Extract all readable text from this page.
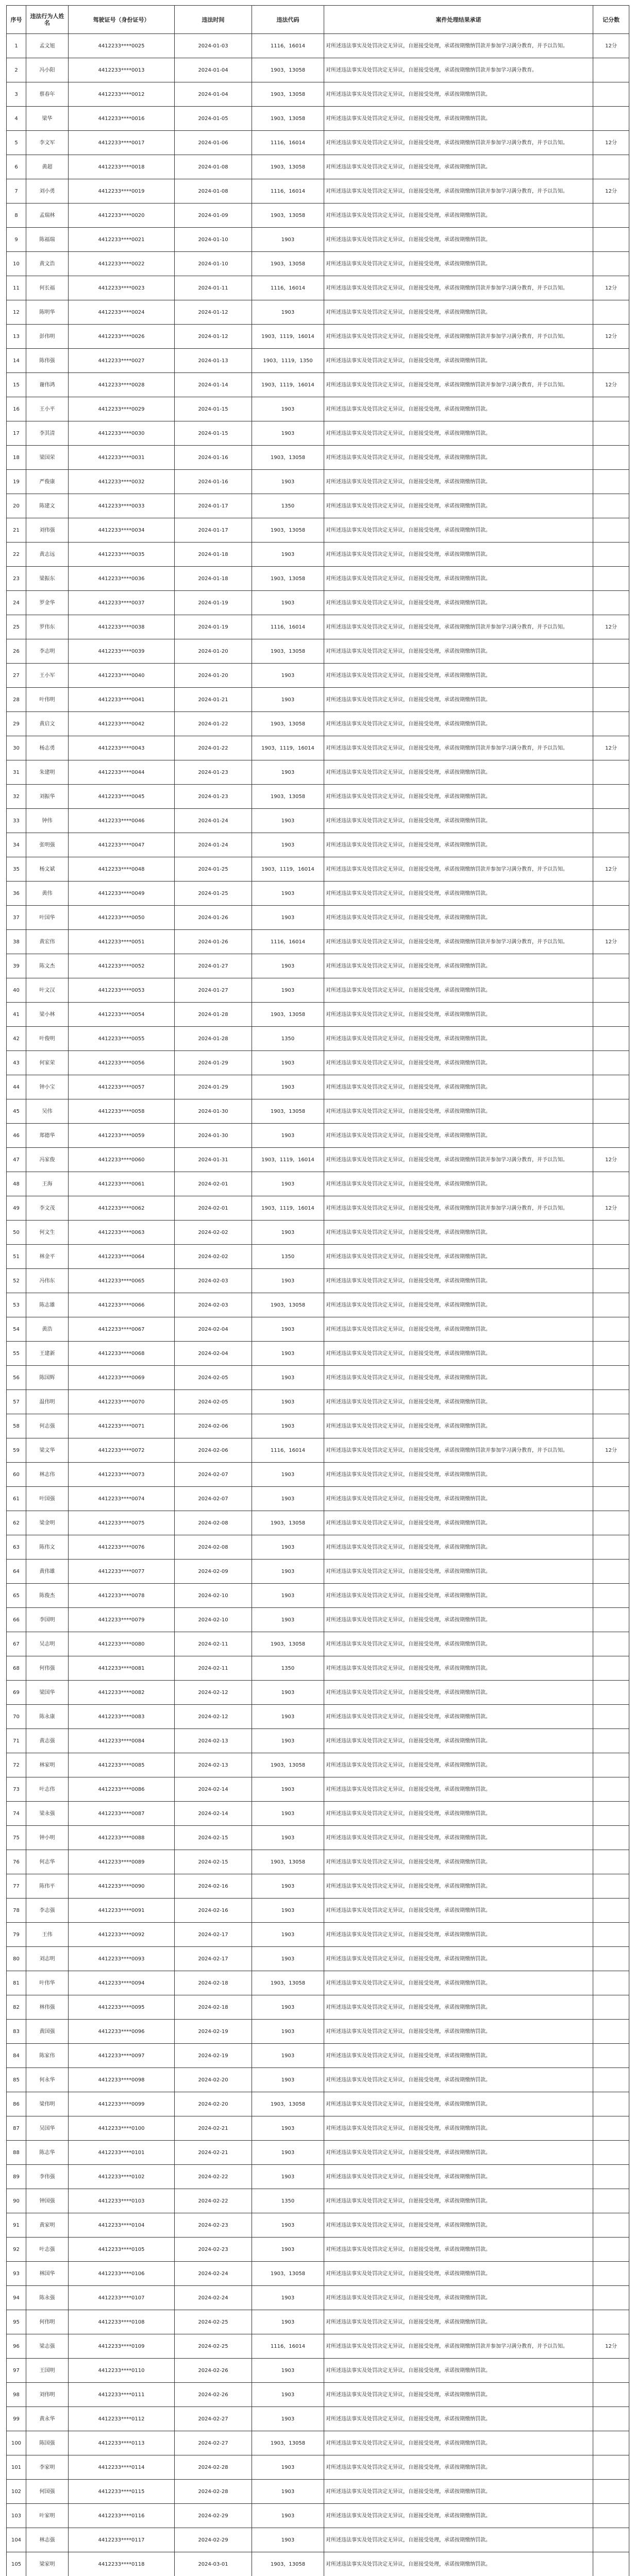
序号	违法行为人姓名	驾驶证号（身份证号）	违法时间	违法代码	案件处理结果承诺	记分数
1	孟文旭	4412233****0025	2024-01-03	1116，16014	对所述违法事实及处罚决定无异议，自愿接受处理，承诺按期缴纳罚款并参加学习满分教育，并予以告知。	12分
2	冯小阳	4412233****0013	2024-01-04	1903，13058	对所述违法事实及处罚决定无异议，自愿接受处理，承诺按期缴纳罚款并参加学习满分教育。	
3	蔡春年	4412233****0012	2024-01-04	1903，13058	对所述违法事实及处罚决定无异议，自愿接受处理，承诺按期缴纳罚款。	
4	梁华	4412233****0016	2024-01-05	1903，13058	对所述违法事实及处罚决定无异议，自愿接受处理，承诺按期缴纳罚款。	
5	李文军	4412233****0017	2024-01-06	1116，16014	对所述违法事实及处罚决定无异议，自愿接受处理，承诺按期缴纳罚款并参加学习满分教育，并予以告知。	12分
6	黄超	4412233****0018	2024-01-08	1903，13058	对所述违法事实及处罚决定无异议，自愿接受处理，承诺按期缴纳罚款。	
7	刘小勇	4412233****0019	2024-01-08	1116，16014	对所述违法事实及处罚决定无异议，自愿接受处理，承诺按期缴纳罚款并参加学习满分教育，并予以告知。	12分
8	孟瑞林	4412233****0020	2024-01-09	1903，13058	对所述违法事实及处罚决定无异议，自愿接受处理，承诺按期缴纳罚款。	
9	陈福瑞	4412233****0021	2024-01-10	1903	对所述违法事实及处罚决定无异议，自愿接受处理，承诺按期缴纳罚款。	
10	黄文浩	4412233****0022	2024-01-10	1903，13058	对所述违法事实及处罚决定无异议，自愿接受处理，承诺按期缴纳罚款。	
11	何长福	4412233****0023	2024-01-11	1116，16014	对所述违法事实及处罚决定无异议，自愿接受处理，承诺按期缴纳罚款并参加学习满分教育，并予以告知。	12分
12	陈明华	4412233****0024	2024-01-12	1903	对所述违法事实及处罚决定无异议，自愿接受处理，承诺按期缴纳罚款。	
13	彭伟明	4412233****0026	2024-01-12	1903，1119，16014	对所述违法事实及处罚决定无异议，自愿接受处理，承诺按期缴纳罚款并参加学习满分教育，并予以告知。	12分
14	陈伟强	4412233****0027	2024-01-13	1903，1119，1350	对所述违法事实及处罚决定无异议，自愿接受处理，承诺按期缴纳罚款。	
15	谢伟鸿	4412233****0028	2024-01-14	1903，1119，16014	对所述违法事实及处罚决定无异议，自愿接受处理，承诺按期缴纳罚款并参加学习满分教育，并予以告知。	12分
16	王小平	4412233****0029	2024-01-15	1903	对所述违法事实及处罚决定无异议，自愿接受处理，承诺按期缴纳罚款。	
17	李其清	4412233****0030	2024-01-15	1903	对所述违法事实及处罚决定无异议，自愿接受处理，承诺按期缴纳罚款。	
18	梁国荣	4412233****0031	2024-01-16	1903，13058	对所述违法事实及处罚决定无异议，自愿接受处理，承诺按期缴纳罚款。	
19	严俊康	4412233****0032	2024-01-16	1903	对所述违法事实及处罚决定无异议，自愿接受处理，承诺按期缴纳罚款。	
20	陈建文	4412233****0033	2024-01-17	1350	对所述违法事实及处罚决定无异议，自愿接受处理，承诺按期缴纳罚款。	
21	刘伟强	4412233****0034	2024-01-17	1903，13058	对所述违法事实及处罚决定无异议，自愿接受处理，承诺按期缴纳罚款。	
22	黄志远	4412233****0035	2024-01-18	1903	对所述违法事实及处罚决定无异议，自愿接受处理，承诺按期缴纳罚款。	
23	梁振东	4412233****0036	2024-01-18	1903，13058	对所述违法事实及处罚决定无异议，自愿接受处理，承诺按期缴纳罚款。	
24	罗金华	4412233****0037	2024-01-19	1903	对所述违法事实及处罚决定无异议，自愿接受处理，承诺按期缴纳罚款。	
25	罗伟东	4412233****0038	2024-01-19	1116，16014	对所述违法事实及处罚决定无异议，自愿接受处理，承诺按期缴纳罚款并参加学习满分教育，并予以告知。	12分
26	李志明	4412233****0039	2024-01-20	1903，13058	对所述违法事实及处罚决定无异议，自愿接受处理，承诺按期缴纳罚款。	
27	王小军	4412233****0040	2024-01-20	1903	对所述违法事实及处罚决定无异议，自愿接受处理，承诺按期缴纳罚款。	
28	叶伟明	4412233****0041	2024-01-21	1903	对所述违法事实及处罚决定无异议，自愿接受处理，承诺按期缴纳罚款。	
29	黄启文	4412233****0042	2024-01-22	1903，13058	对所述违法事实及处罚决定无异议，自愿接受处理，承诺按期缴纳罚款。	
30	杨志勇	4412233****0043	2024-01-22	1903，1119，16014	对所述违法事实及处罚决定无异议，自愿接受处理，承诺按期缴纳罚款并参加学习满分教育，并予以告知。	12分
31	朱建明	4412233****0044	2024-01-23	1903	对所述违法事实及处罚决定无异议，自愿接受处理，承诺按期缴纳罚款。	
32	刘振华	4412233****0045	2024-01-23	1903，13058	对所述违法事实及处罚决定无异议，自愿接受处理，承诺按期缴纳罚款。	
33	钟伟	4412233****0046	2024-01-24	1903	对所述违法事实及处罚决定无异议，自愿接受处理，承诺按期缴纳罚款。	
34	张明强	4412233****0047	2024-01-24	1903	对所述违法事实及处罚决定无异议，自愿接受处理，承诺按期缴纳罚款。	
35	杨文斌	4412233****0048	2024-01-25	1903，1119，16014	对所述违法事实及处罚决定无异议，自愿接受处理，承诺按期缴纳罚款并参加学习满分教育，并予以告知。	12分
36	黄伟	4412233****0049	2024-01-25	1903	对所述违法事实及处罚决定无异议，自愿接受处理，承诺按期缴纳罚款。	
37	叶国华	4412233****0050	2024-01-26	1903	对所述违法事实及处罚决定无异议，自愿接受处理，承诺按期缴纳罚款。	
38	黄宏伟	4412233****0051	2024-01-26	1116，16014	对所述违法事实及处罚决定无异议，自愿接受处理，承诺按期缴纳罚款并参加学习满分教育，并予以告知。	12分
39	陈文杰	4412233****0052	2024-01-27	1903	对所述违法事实及处罚决定无异议，自愿接受处理，承诺按期缴纳罚款。	
40	叶文汉	4412233****0053	2024-01-27	1903	对所述违法事实及处罚决定无异议，自愿接受处理，承诺按期缴纳罚款。	
41	梁小林	4412233****0054	2024-01-28	1903，13058	对所述违法事实及处罚决定无异议，自愿接受处理，承诺按期缴纳罚款。	
42	叶俊明	4412233****0055	2024-01-28	1350	对所述违法事实及处罚决定无异议，自愿接受处理，承诺按期缴纳罚款。	
43	何家荣	4412233****0056	2024-01-29	1903	对所述违法事实及处罚决定无异议，自愿接受处理，承诺按期缴纳罚款。	
44	钟小宝	4412233****0057	2024-01-29	1903	对所述违法事实及处罚决定无异议，自愿接受处理，承诺按期缴纳罚款。	
45	吴伟	4412233****0058	2024-01-30	1903，13058	对所述违法事实及处罚决定无异议，自愿接受处理，承诺按期缴纳罚款。	
46	郑德华	4412233****0059	2024-01-30	1903	对所述违法事实及处罚决定无异议，自愿接受处理，承诺按期缴纳罚款。	
47	冯家俊	4412233****0060	2024-01-31	1903，1119，16014	对所述违法事实及处罚决定无异议，自愿接受处理，承诺按期缴纳罚款并参加学习满分教育，并予以告知。	12分
48	王海	4412233****0061	2024-02-01	1903	对所述违法事实及处罚决定无异议，自愿接受处理，承诺按期缴纳罚款。	
49	李文茂	4412233****0062	2024-02-01	1903，1119，16014	对所述违法事实及处罚决定无异议，自愿接受处理，承诺按期缴纳罚款并参加学习满分教育，并予以告知。	12分
50	何文生	4412233****0063	2024-02-02	1903	对所述违法事实及处罚决定无异议，自愿接受处理，承诺按期缴纳罚款。	
51	林金平	4412233****0064	2024-02-02	1350	对所述违法事实及处罚决定无异议，自愿接受处理，承诺按期缴纳罚款。	
52	冯伟东	4412233****0065	2024-02-03	1903	对所述违法事实及处罚决定无异议，自愿接受处理，承诺按期缴纳罚款。	
53	陈志雄	4412233****0066	2024-02-03	1903，13058	对所述违法事实及处罚决定无异议，自愿接受处理，承诺按期缴纳罚款。	
54	黄浩	4412233****0067	2024-02-04	1903	对所述违法事实及处罚决定无异议，自愿接受处理，承诺按期缴纳罚款。	
55	王建新	4412233****0068	2024-02-04	1903	对所述违法事实及处罚决定无异议，自愿接受处理，承诺按期缴纳罚款。	
56	陈国辉	4412233****0069	2024-02-05	1903	对所述违法事实及处罚决定无异议，自愿接受处理，承诺按期缴纳罚款。	
57	温伟明	4412233****0070	2024-02-05	1903	对所述违法事实及处罚决定无异议，自愿接受处理，承诺按期缴纳罚款。	
58	何志强	4412233****0071	2024-02-06	1903	对所述违法事实及处罚决定无异议，自愿接受处理，承诺按期缴纳罚款。	
59	梁文华	4412233****0072	2024-02-06	1116，16014	对所述违法事实及处罚决定无异议，自愿接受处理，承诺按期缴纳罚款并参加学习满分教育，并予以告知。	12分
60	林志伟	4412233****0073	2024-02-07	1903	对所述违法事实及处罚决定无异议，自愿接受处理，承诺按期缴纳罚款。	
61	叶国强	4412233****0074	2024-02-07	1903	对所述违法事实及处罚决定无异议，自愿接受处理，承诺按期缴纳罚款。	
62	梁金明	4412233****0075	2024-02-08	1903，13058	对所述违法事实及处罚决定无异议，自愿接受处理，承诺按期缴纳罚款。	
63	陈伟文	4412233****0076	2024-02-08	1903	对所述违法事实及处罚决定无异议，自愿接受处理，承诺按期缴纳罚款。	
64	黄伟雄	4412233****0077	2024-02-09	1903	对所述违法事实及处罚决定无异议，自愿接受处理，承诺按期缴纳罚款。	
65	陈俊杰	4412233****0078	2024-02-10	1903	对所述违法事实及处罚决定无异议，自愿接受处理，承诺按期缴纳罚款。	
66	李国明	4412233****0079	2024-02-10	1903	对所述违法事实及处罚决定无异议，自愿接受处理，承诺按期缴纳罚款。	
67	吴志明	4412233****0080	2024-02-11	1903，13058	对所述违法事实及处罚决定无异议，自愿接受处理，承诺按期缴纳罚款。	
68	何伟强	4412233****0081	2024-02-11	1350	对所述违法事实及处罚决定无异议，自愿接受处理，承诺按期缴纳罚款。	
69	梁国华	4412233****0082	2024-02-12	1903	对所述违法事实及处罚决定无异议，自愿接受处理，承诺按期缴纳罚款。	
70	陈永康	4412233****0083	2024-02-12	1903	对所述违法事实及处罚决定无异议，自愿接受处理，承诺按期缴纳罚款。	
71	黄志强	4412233****0084	2024-02-13	1903	对所述违法事实及处罚决定无异议，自愿接受处理，承诺按期缴纳罚款。	
72	林家明	4412233****0085	2024-02-13	1903，13058	对所述违法事实及处罚决定无异议，自愿接受处理，承诺按期缴纳罚款。	
73	叶志伟	4412233****0086	2024-02-14	1903	对所述违法事实及处罚决定无异议，自愿接受处理，承诺按期缴纳罚款。	
74	梁永强	4412233****0087	2024-02-14	1903	对所述违法事实及处罚决定无异议，自愿接受处理，承诺按期缴纳罚款。	
75	钟小明	4412233****0088	2024-02-15	1903	对所述违法事实及处罚决定无异议，自愿接受处理，承诺按期缴纳罚款。	
76	何志华	4412233****0089	2024-02-15	1903，13058	对所述违法事实及处罚决定无异议，自愿接受处理，承诺按期缴纳罚款。	
77	陈伟平	4412233****0090	2024-02-16	1903	对所述违法事实及处罚决定无异议，自愿接受处理，承诺按期缴纳罚款。	
78	李志强	4412233****0091	2024-02-16	1903	对所述违法事实及处罚决定无异议，自愿接受处理，承诺按期缴纳罚款。	
79	王伟	4412233****0092	2024-02-17	1903	对所述违法事实及处罚决定无异议，自愿接受处理，承诺按期缴纳罚款。	
80	刘志明	4412233****0093	2024-02-17	1903	对所述违法事实及处罚决定无异议，自愿接受处理，承诺按期缴纳罚款。	
81	叶伟华	4412233****0094	2024-02-18	1903，13058	对所述违法事实及处罚决定无异议，自愿接受处理，承诺按期缴纳罚款。	
82	林伟强	4412233****0095	2024-02-18	1903	对所述违法事实及处罚决定无异议，自愿接受处理，承诺按期缴纳罚款。	
83	黄国强	4412233****0096	2024-02-19	1903	对所述违法事实及处罚决定无异议，自愿接受处理，承诺按期缴纳罚款。	
84	陈家伟	4412233****0097	2024-02-19	1903	对所述违法事实及处罚决定无异议，自愿接受处理，承诺按期缴纳罚款。	
85	何永华	4412233****0098	2024-02-20	1903	对所述违法事实及处罚决定无异议，自愿接受处理，承诺按期缴纳罚款。	
86	梁伟明	4412233****0099	2024-02-20	1903，13058	对所述违法事实及处罚决定无异议，自愿接受处理，承诺按期缴纳罚款。	
87	吴国华	4412233****0100	2024-02-21	1903	对所述违法事实及处罚决定无异议，自愿接受处理，承诺按期缴纳罚款。	
88	陈志华	4412233****0101	2024-02-21	1903	对所述违法事实及处罚决定无异议，自愿接受处理，承诺按期缴纳罚款。	
89	李伟强	4412233****0102	2024-02-22	1903	对所述违法事实及处罚决定无异议，自愿接受处理，承诺按期缴纳罚款。	
90	钟国强	4412233****0103	2024-02-22	1350	对所述违法事实及处罚决定无异议，自愿接受处理，承诺按期缴纳罚款。	
91	黄家明	4412233****0104	2024-02-23	1903	对所述违法事实及处罚决定无异议，自愿接受处理，承诺按期缴纳罚款。	
92	叶志强	4412233****0105	2024-02-23	1903	对所述违法事实及处罚决定无异议，自愿接受处理，承诺按期缴纳罚款。	
93	林国华	4412233****0106	2024-02-24	1903，13058	对所述违法事实及处罚决定无异议，自愿接受处理，承诺按期缴纳罚款。	
94	陈永强	4412233****0107	2024-02-24	1903	对所述违法事实及处罚决定无异议，自愿接受处理，承诺按期缴纳罚款。	
95	何伟明	4412233****0108	2024-02-25	1903	对所述违法事实及处罚决定无异议，自愿接受处理，承诺按期缴纳罚款。	
96	梁志强	4412233****0109	2024-02-25	1116，16014	对所述违法事实及处罚决定无异议，自愿接受处理，承诺按期缴纳罚款并参加学习满分教育，并予以告知。	12分
97	王国明	4412233****0110	2024-02-26	1903	对所述违法事实及处罚决定无异议，自愿接受处理，承诺按期缴纳罚款。	
98	刘伟明	4412233****0111	2024-02-26	1903	对所述违法事实及处罚决定无异议，自愿接受处理，承诺按期缴纳罚款。	
99	黄永华	4412233****0112	2024-02-27	1903	对所述违法事实及处罚决定无异议，自愿接受处理，承诺按期缴纳罚款。	
100	陈国强	4412233****0113	2024-02-27	1903，13058	对所述违法事实及处罚决定无异议，自愿接受处理，承诺按期缴纳罚款。	
101	李家明	4412233****0114	2024-02-28	1903	对所述违法事实及处罚决定无异议，自愿接受处理，承诺按期缴纳罚款。	
102	何国强	4412233****0115	2024-02-28	1903	对所述违法事实及处罚决定无异议，自愿接受处理，承诺按期缴纳罚款。	
103	叶家明	4412233****0116	2024-02-29	1903	对所述违法事实及处罚决定无异议，自愿接受处理，承诺按期缴纳罚款。	
104	林志强	4412233****0117	2024-02-29	1903	对所述违法事实及处罚决定无异议，自愿接受处理，承诺按期缴纳罚款。	
105	梁家明	4412233****0118	2024-03-01	1903，13058	对所述违法事实及处罚决定无异议，自愿接受处理，承诺按期缴纳罚款。	
